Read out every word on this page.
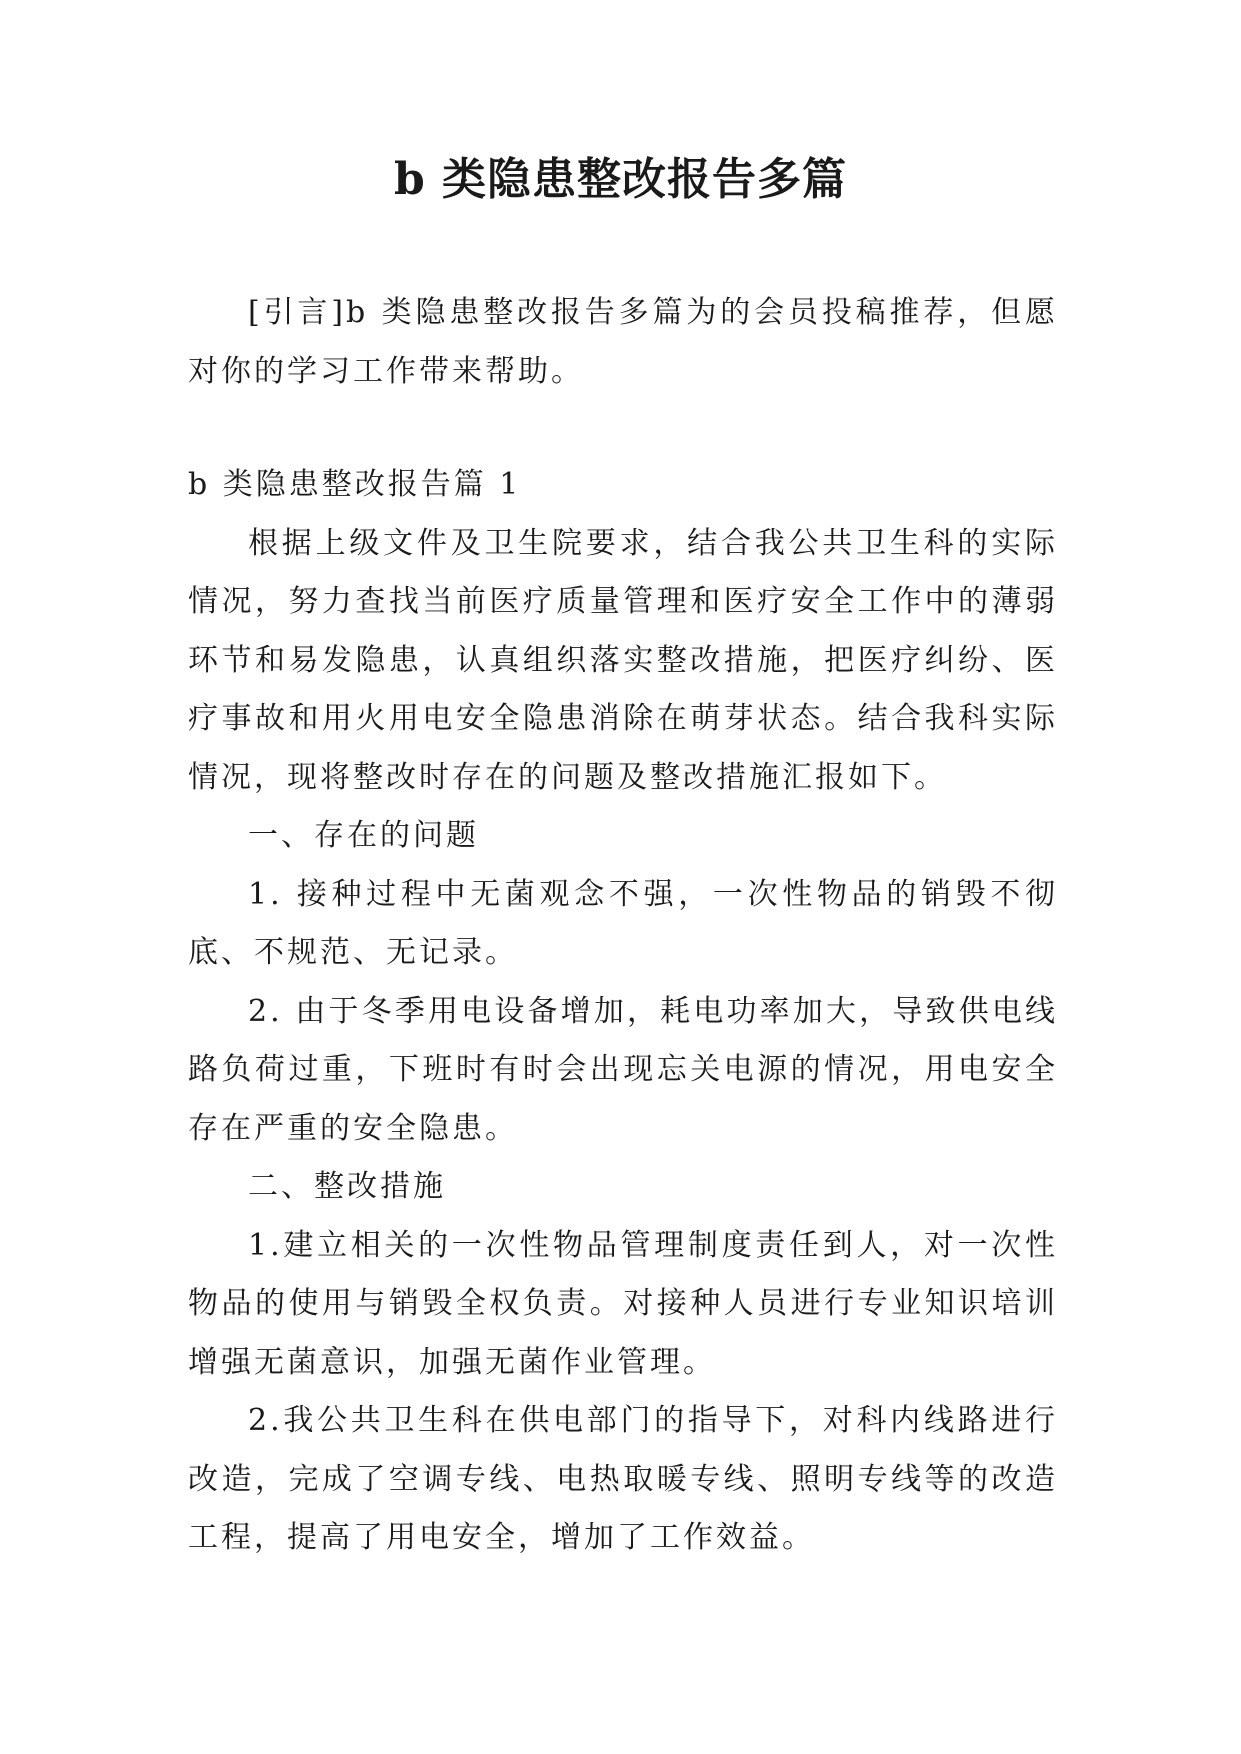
b 类隐患整改报告多篇

[引言]b 类隐患整改报告多篇为的会员投稿推荐，但愿对你的学习工作带来帮助。

b 类隐患整改报告篇 1

根据上级文件及卫生院要求，结合我公共卫生科的实际情况，努力查找当前医疗质量管理和医疗安全工作中的薄弱环节和易发隐患，认真组织落实整改措施，把医疗纠纷、医疗事故和用火用电安全隐患消除在萌芽状态。结合我科实际情况，现将整改时存在的问题及整改措施汇报如下。

一、存在的问题

1. 接种过程中无菌观念不强，一次性物品的销毁不彻底、不规范、无记录。

2. 由于冬季用电设备增加，耗电功率加大，导致供电线路负荷过重，下班时有时会出现忘关电源的情况，用电安全存在严重的安全隐患。

二、整改措施

1.建立相关的一次性物品管理制度责任到人，对一次性物品的使用与销毁全权负责。对接种人员进行专业知识培训增强无菌意识，加强无菌作业管理。

2.我公共卫生科在供电部门的指导下，对科内线路进行改造，完成了空调专线、电热取暖专线、照明专线等的改造工程，提高了用电安全，增加了工作效益。
